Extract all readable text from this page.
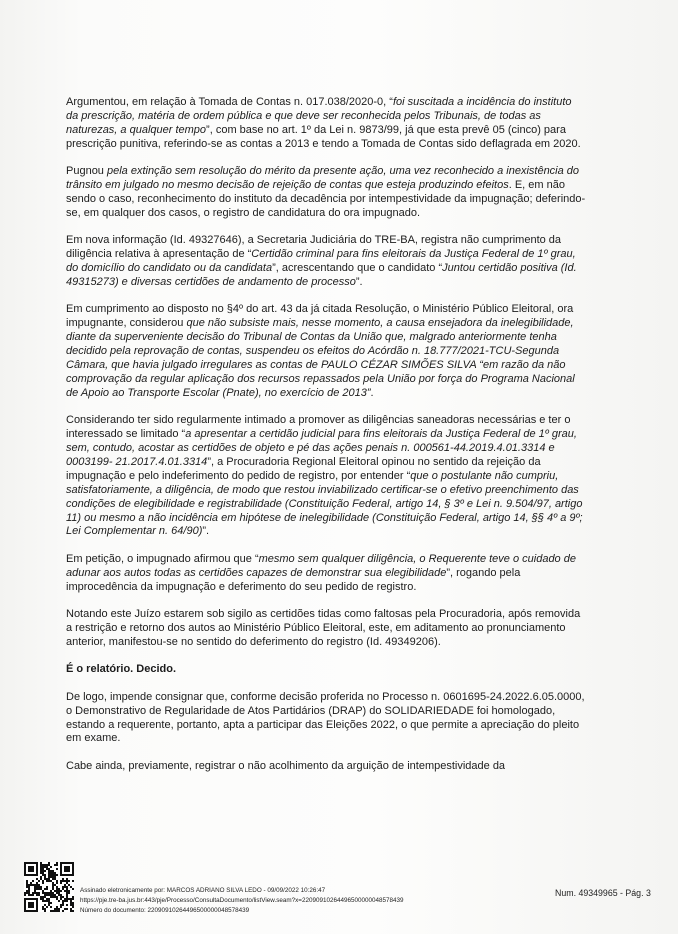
Argumentou, em relação à Tomada de Contas n. 017.038/2020-0, “foi suscitada a incidência do instituto da prescrição, matéria de ordem pública e que deve ser reconhecida pelos Tribunais, de todas as naturezas, a qualquer tempo”, com base no art. 1º da Lei n. 9873/99, já que esta prevê 05 (cinco) para prescrição punitiva, referindo-se as contas a 2013 e tendo a Tomada de Contas sido deflagrada em 2020.

Pugnou pela extinção sem resolução do mérito da presente ação, uma vez reconhecido a inexistência do trânsito em julgado no mesmo decisão de rejeição de contas que esteja produzindo efeitos. E, em não sendo o caso, reconhecimento do instituto da decadência por intempestividade da impugnação; deferindo-se, em qualquer dos casos, o registro de candidatura do ora impugnado.

Em nova informação (Id. 49327646), a Secretaria Judiciária do TRE-BA, registra não cumprimento da diligência relativa à apresentação de “Certidão criminal para fins eleitorais da Justiça Federal de 1º grau, do domicílio do candidato ou da candidata”, acrescentando que o candidato “Juntou certidão positiva (Id. 49315273) e diversas certidões de andamento de processo”.

Em cumprimento ao disposto no §4º do art. 43 da já citada Resolução, o Ministério Público Eleitoral, ora impugnante, considerou que não subsiste mais, nesse momento, a causa ensejadora da inelegibilidade, diante da superveniente decisão do Tribunal de Contas da União que, malgrado anteriormente tenha decidido pela reprovação de contas, suspendeu os efeitos do Acórdão n. 18.777/2021-TCU-Segunda Câmara, que havia julgado irregulares as contas de PAULO CÉZAR SIMÕES SILVA “em razão da não comprovação da regular aplicação dos recursos repassados pela União por força do Programa Nacional de Apoio ao Transporte Escolar (Pnate), no exercício de 2013”.

Considerando ter sido regularmente intimado a promover as diligências saneadoras necessárias e ter o interessado se limitado “a apresentar a certidão judicial para fins eleitorais da Justiça Federal de 1º grau, sem, contudo, acostar as certidões de objeto e pé das ações penais n. 000561-44.2019.4.01.3314 e 0003199- 21.2017.4.01.3314”, a Procuradoria Regional Eleitoral opinou no sentido da rejeição da impugnação e pelo indeferimento do pedido de registro, por entender “que o postulante não cumpriu, satisfatoriamente, a diligência, de modo que restou inviabilizado certificar-se o efetivo preenchimento das condições de elegibilidade e registrabilidade (Constituição Federal, artigo 14, § 3º e Lei n. 9.504/97, artigo 11) ou mesmo a não incidência em hipótese de inelegibilidade (Constituição Federal, artigo 14, §§ 4º a 9º; Lei Complementar n. 64/90)”.

Em petição, o impugnado afirmou que “mesmo sem qualquer diligência, o Requerente teve o cuidado de adunar aos autos todas as certidões capazes de demonstrar sua elegibilidade”, rogando pela improcedência da impugnação e deferimento do seu pedido de registro.

Notando este Juízo estarem sob sigilo as certidões tidas como faltosas pela Procuradoria, após removida a restrição e retorno dos autos ao Ministério Público Eleitoral, este, em aditamento ao pronunciamento anterior, manifestou-se no sentido do deferimento do registro (Id. 49349206).

É o relatório. Decido.

De logo, impende consignar que, conforme decisão proferida no Processo n. 0601695-24.2022.6.05.0000, o Demonstrativo de Regularidade de Atos Partidários (DRAP) do SOLIDARIEDADE foi homologado, estando a requerente, portanto, apta a participar das Eleições 2022, o que permite a apreciação do pleito em exame.

Cabe ainda, previamente, registrar o não acolhimento da arguição de intempestividade da

Assinado eletronicamente por: MARCOS ADRIANO SILVA LEDO - 09/09/2022 10:26:47
https://pje.tre-ba.jus.br:443/pje/Processo/ConsultaDocumento/listView.seam?x=22090910264496500000048578439
Número do documento: 22090910264496500000048578439
Num. 49349965 - Pág. 3
